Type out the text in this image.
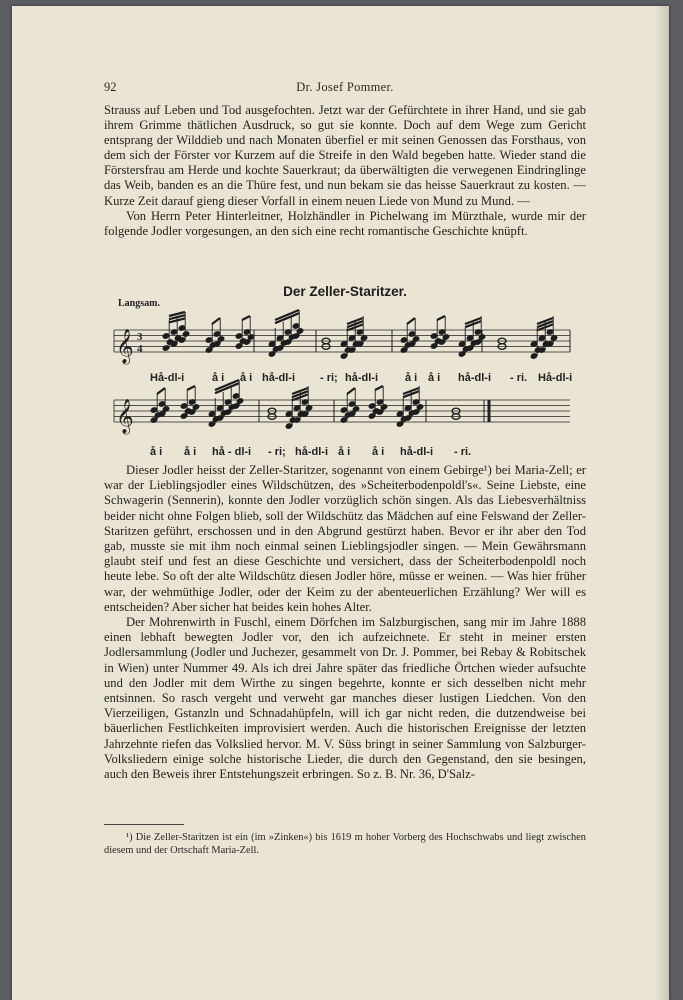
92	Dr. Josef Pommer.

Strauss auf Leben und Tod ausgefochten. Jetzt war der Gefürchtete in ihrer Hand, und sie gab ihrem Grimme thätlichen Ausdruck, so gut sie konnte. Doch auf dem Wege zum Gericht entsprang der Wilddieb und nach Monaten überfiel er mit seinen Genossen das Forsthaus, von dem sich der Förster vor Kurzem auf die Streife in den Wald begeben hatte. Wieder stand die Förstersfrau am Herde und kochte Sauerkraut; da überwältigten die verwegenen Eindringlinge das Weib, banden es an die Thüre fest, und nun bekam sie das heisse Sauerkraut zu kosten. — Kurze Zeit darauf gieng dieser Vorfall in einem neuen Liede von Mund zu Mund. —

Von Herrn Peter Hinterleitner, Holzhändler in Pichelwang im Mürzthale, wurde mir der folgende Jodler vorgesungen, an den sich eine recht romantische Geschichte knüpft.

Der Zeller-Staritzer.
Langsam.
𝄞 3
4
𝄞

Dieser Jodler heisst der Zeller-Staritzer, sogenannt von einem Gebirge¹) bei Maria-Zell; er war der Lieblingsjodler eines Wildschützen, des »Scheiterbodenpoldl's«. Seine Liebste, eine Schwagerin (Sennerin), konnte den Jodler vorzüglich schön singen. Als das Liebesverhältniss beider nicht ohne Folgen blieb, soll der Wildschütz das Mädchen auf eine Felswand der Zeller-Staritzen geführt, erschossen und in den Abgrund gestürzt haben. Bevor er ihr aber den Tod gab, musste sie mit ihm noch einmal seinen Lieblingsjodler singen. — Mein Gewährsmann glaubt steif und fest an diese Geschichte und versichert, dass der Scheiterbodenpoldl noch heute lebe. So oft der alte Wildschütz diesen Jodler höre, müsse er weinen. — Was hier früher war, der wehmüthige Jodler, oder der Keim zu der abenteuerlichen Erzählung? Wer will es entscheiden? Aber sicher hat beides kein hohes Alter.

Der Mohrenwirth in Fuschl, einem Dörfchen im Salzburgischen, sang mir im Jahre 1888 einen lebhaft bewegten Jodler vor, den ich aufzeichnete. Er steht in meiner ersten Jodlersammlung (Jodler und Juchezer, gesammelt von Dr. J. Pommer, bei Rebay & Robitschek in Wien) unter Nummer 49. Als ich drei Jahre später das friedliche Örtchen wieder aufsuchte und den Jodler mit dem Wirthe zu singen begehrte, konnte er sich desselben nicht mehr entsinnen. So rasch vergeht und verweht gar manches dieser lustigen Liedchen. Von den Vierzeiligen, Gstanzln und Schnadahüpfeln, will ich gar nicht reden, die dutzendweise bei bäuerlichen Festlichkeiten improvisiert werden. Auch die historischen Ereignisse der letzten Jahrzehnte riefen das Volkslied hervor. M. V. Süss bringt in seiner Sammlung von Salzburger-Volksliedern einige solche historische Lieder, die durch den Gegenstand, den sie besingen, auch den Beweis ihrer Entstehungszeit erbringen. So z. B. Nr. 36, D'Salz-

¹) Die Zeller-Staritzen ist ein (im »Zinken«) bis 1619 m hoher Vorberg des Hochschwabs und liegt zwischen diesem und der Ortschaft Maria-Zell.
Hå-dl-i	å i å i hå-dl-i - ri; hå-dl-i å i å i hå-dl-i - ri. Hå-dl-i
å i å i hå - dl-i - ri; hå-dl-i å i å i hå-dl-i - ri.
